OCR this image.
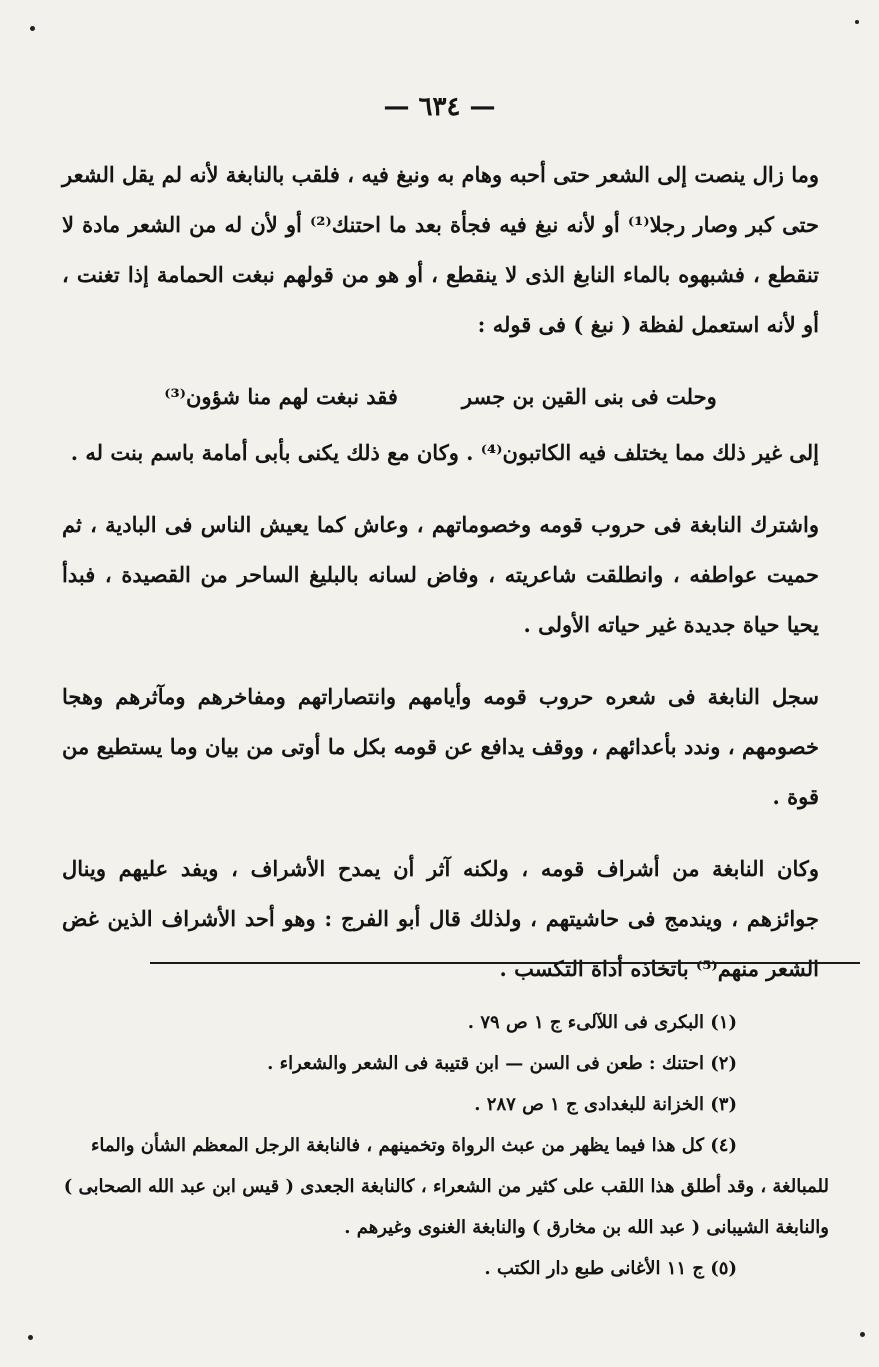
— ٦٣٤ —

وما زال ينصت إلى الشعر حتى أحبه وهام به ونبغ فيه ، فلقب بالنابغة لأنه لم يقل الشعر حتى كبر وصار رجلا⁽¹⁾ أو لأنه نبغ فيه فجأة بعد ما احتنك⁽²⁾ أو لأن له من الشعر مادة لا تنقطع ، فشبهوه بالماء النابغ الذى لا ينقطع ، أو هو من قولهم نبغت الحمامة إذا تغنت ، أو لأنه استعمل لفظة ( نبغ ) فى قوله :

وحلت فى بنى القين بن جسر
فقد نبغت لهم منا شؤون⁽³⁾

إلى غير ذلك مما يختلف فيه الكاتبون⁽⁴⁾ . وكان مع ذلك يكنى بأبى أمامة باسم بنت له .

واشترك النابغة فى حروب قومه وخصوماتهم ، وعاش كما يعيش الناس فى البادية ، ثم حميت عواطفه ، وانطلقت شاعريته ، وفاض لسانه بالبليغ الساحر من القصيدة ، فبدأ يحيا حياة جديدة غير حياته الأولى .

سجل النابغة فى شعره حروب قومه وأيامهم وانتصاراتهم ومفاخرهم ومآثرهم وهجا خصومهم ، وندد بأعدائهم ، ووقف يدافع عن قومه بكل ما أوتى من بيان وما يستطيع من قوة .

وكان النابغة من أشراف قومه ، ولكنه آثر أن يمدح الأشراف ، ويفد عليهم وينال جوائزهم ، ويندمج فى حاشيتهم ، ولذلك قال أبو الفرج : وهو أحد الأشراف الذين غض الشعر منهم⁽⁵⁾ باتخاذه أداة التكسب .

(١) البكرى فى اللآلىء ج ١ ص ٧٩ .

(٢) احتنك : طعن فى السن — ابن قتيبة فى الشعر والشعراء .

(٣) الخزانة للبغدادى ج ١ ص ٢٨٧ .

(٤) كل هذا فيما يظهر من عبث الرواة وتخمينهم ، فالنابغة الرجل المعظم الشأن والماء للمبالغة ، وقد أطلق هذا اللقب على كثير من الشعراء ، كالنابغة الجعدى ( قيس ابن عبد الله الصحابى ) والنابغة الشيبانى ( عبد الله بن مخارق ) والنابغة الغنوى وغيرهم .

(٥) ج ١١ الأغانى طبع دار الكتب .
